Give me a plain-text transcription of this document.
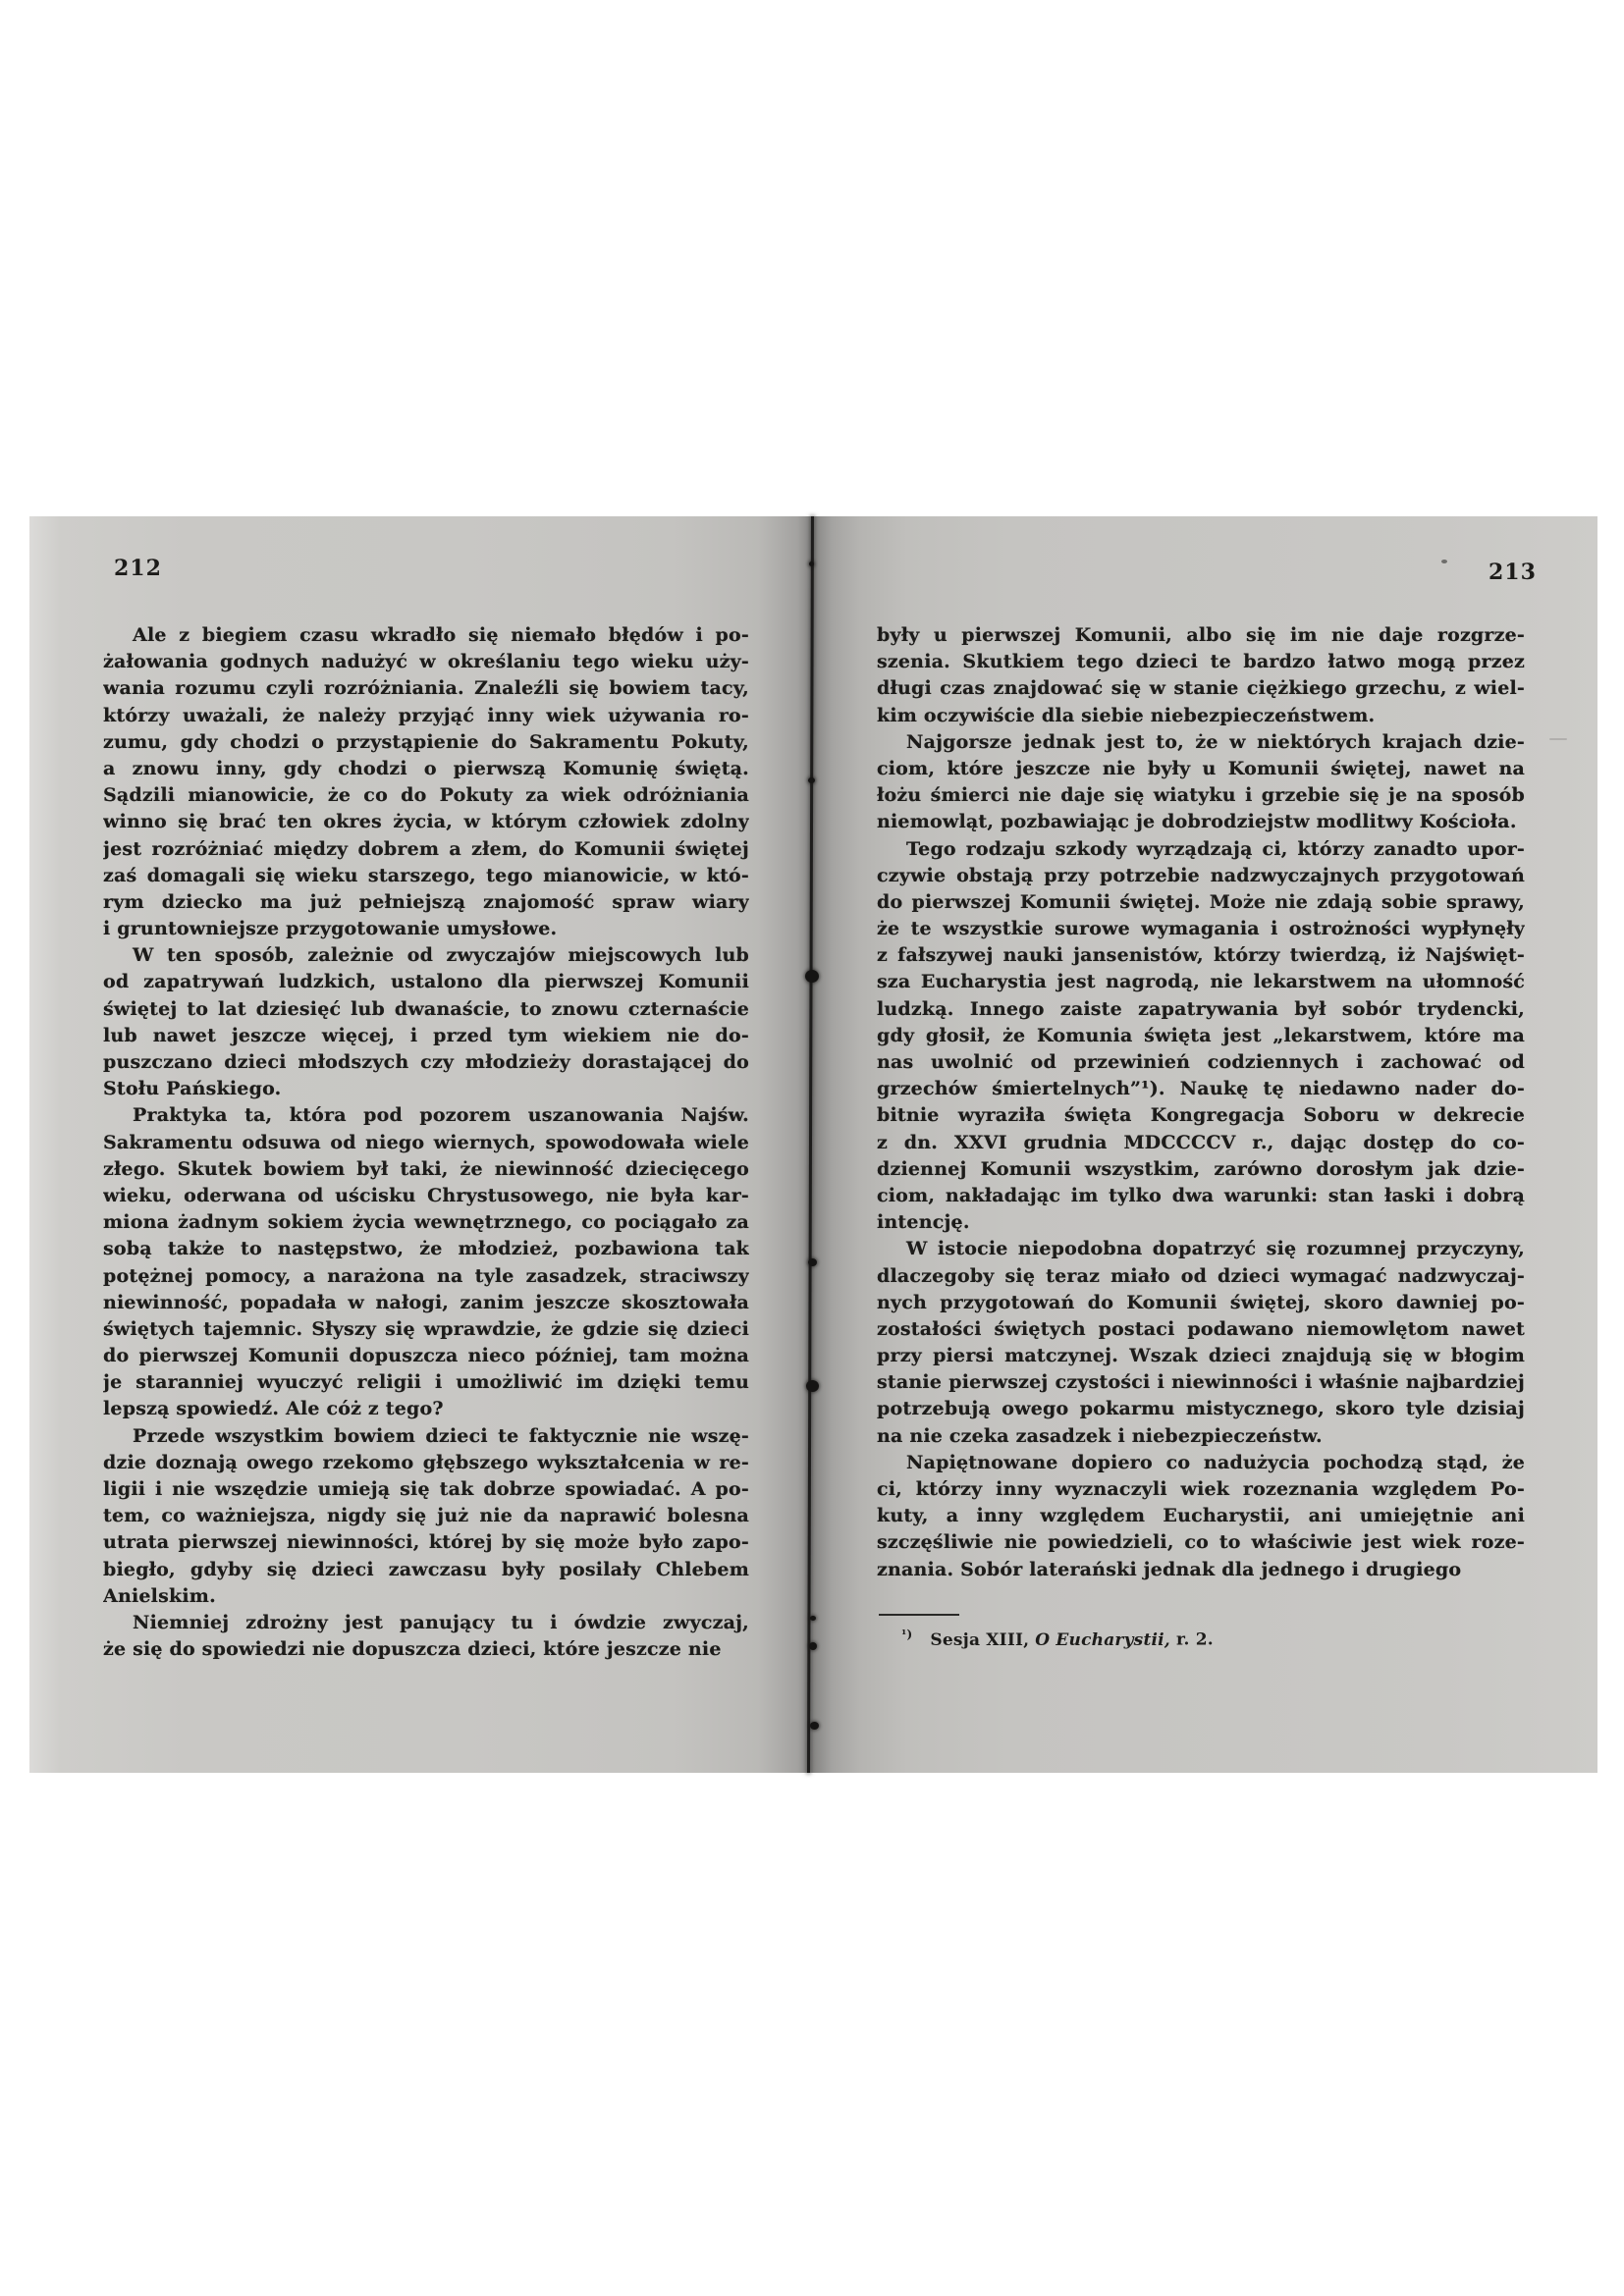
212	213
Ale z biegiem czasu wkradło się niemało błędów i po-
żałowania godnych nadużyć w określaniu tego wieku uży-
wania rozumu czyli rozróżniania. Znaleźli się bowiem tacy,
którzy uważali, że należy przyjąć inny wiek używania ro-
zumu, gdy chodzi o przystąpienie do Sakramentu Pokuty,
a znowu inny, gdy chodzi o pierwszą Komunię świętą.
Sądzili mianowicie, że co do Pokuty za wiek odróżniania
winno się brać ten okres życia, w którym człowiek zdolny
jest rozróżniać między dobrem a złem, do Komunii świętej
zaś domagali się wieku starszego, tego mianowicie, w któ-
rym dziecko ma już pełniejszą znajomość spraw wiary
i gruntowniejsze przygotowanie umysłowe.
W ten sposób, zależnie od zwyczajów miejscowych lub
od zapatrywań ludzkich, ustalono dla pierwszej Komunii
świętej to lat dziesięć lub dwanaście, to znowu czternaście
lub nawet jeszcze więcej, i przed tym wiekiem nie do-
puszczano dzieci młodszych czy młodzieży dorastającej do
Stołu Pańskiego.
Praktyka ta, która pod pozorem uszanowania Najśw.
Sakramentu odsuwa od niego wiernych, spowodowała wiele
złego. Skutek bowiem był taki, że niewinność dziecięcego
wieku, oderwana od uścisku Chrystusowego, nie była kar-
miona żadnym sokiem życia wewnętrznego, co pociągało za
sobą także to następstwo, że młodzież, pozbawiona tak
potężnej pomocy, a narażona na tyle zasadzek, straciwszy
niewinność, popadała w nałogi, zanim jeszcze skosztowała
świętych tajemnic. Słyszy się wprawdzie, że gdzie się dzieci
do pierwszej Komunii dopuszcza nieco później, tam można
je staranniej wyuczyć religii i umożliwić im dzięki temu
lepszą spowiedź. Ale cóż z tego?
Przede wszystkim bowiem dzieci te faktycznie nie wszę-
dzie doznają owego rzekomo głębszego wykształcenia w re-
ligii i nie wszędzie umieją się tak dobrze spowiadać. A po-
tem, co ważniejsza, nigdy się już nie da naprawić bolesna
utrata pierwszej niewinności, której by się może było zapo-
biegło, gdyby się dzieci zawczasu były posilały Chlebem
Anielskim.
Niemniej zdrożny jest panujący tu i ówdzie zwyczaj,
że się do spowiedzi nie dopuszcza dzieci, które jeszcze nie
były u pierwszej Komunii, albo się im nie daje rozgrze-
szenia. Skutkiem tego dzieci te bardzo łatwo mogą przez
długi czas znajdować się w stanie ciężkiego grzechu, z wiel-
kim oczywiście dla siebie niebezpieczeństwem.
Najgorsze jednak jest to, że w niektórych krajach dzie-
ciom, które jeszcze nie były u Komunii świętej, nawet na
łożu śmierci nie daje się wiatyku i grzebie się je na sposób
niemowląt, pozbawiając je dobrodziejstw modlitwy Kościoła.
Tego rodzaju szkody wyrządzają ci, którzy zanadto upor-
czywie obstają przy potrzebie nadzwyczajnych przygotowań
do pierwszej Komunii świętej. Może nie zdają sobie sprawy,
że te wszystkie surowe wymagania i ostrożności wypłynęły
z fałszywej nauki jansenistów, którzy twierdzą, iż Najświęt-
sza Eucharystia jest nagrodą, nie lekarstwem na ułomność
ludzką. Innego zaiste zapatrywania był sobór trydencki,
gdy głosił, że Komunia święta jest „lekarstwem, które ma
nas uwolnić od przewinień codziennych i zachować od
grzechów śmiertelnych”¹). Naukę tę niedawno nader do-
bitnie wyraziła święta Kongregacja Soboru w dekrecie
z dn. XXVI grudnia MDCCCCV r., dając dostęp do co-
dziennej Komunii wszystkim, zarówno dorosłym jak dzie-
ciom, nakładając im tylko dwa warunki: stan łaski i dobrą
intencję.
W istocie niepodobna dopatrzyć się rozumnej przyczyny,
dlaczegoby się teraz miało od dzieci wymagać nadzwyczaj-
nych przygotowań do Komunii świętej, skoro dawniej po-
zostałości świętych postaci podawano niemowlętom nawet
przy piersi matczynej. Wszak dzieci znajdują się w błogim
stanie pierwszej czystości i niewinności i właśnie najbardziej
potrzebują owego pokarmu mistycznego, skoro tyle dzisiaj
na nie czeka zasadzek i niebezpieczeństw.
Napiętnowane dopiero co nadużycia pochodzą stąd, że
ci, którzy inny wyznaczyli wiek rozeznania względem Po-
kuty, a inny względem Eucharystii, ani umiejętnie ani
szczęśliwie nie powiedzieli, co to właściwie jest wiek roze-
znania. Sobór laterański jednak dla jednego i drugiego
$^{^1)}$ Sesja XIII, O Eucharystii, r. 2.
